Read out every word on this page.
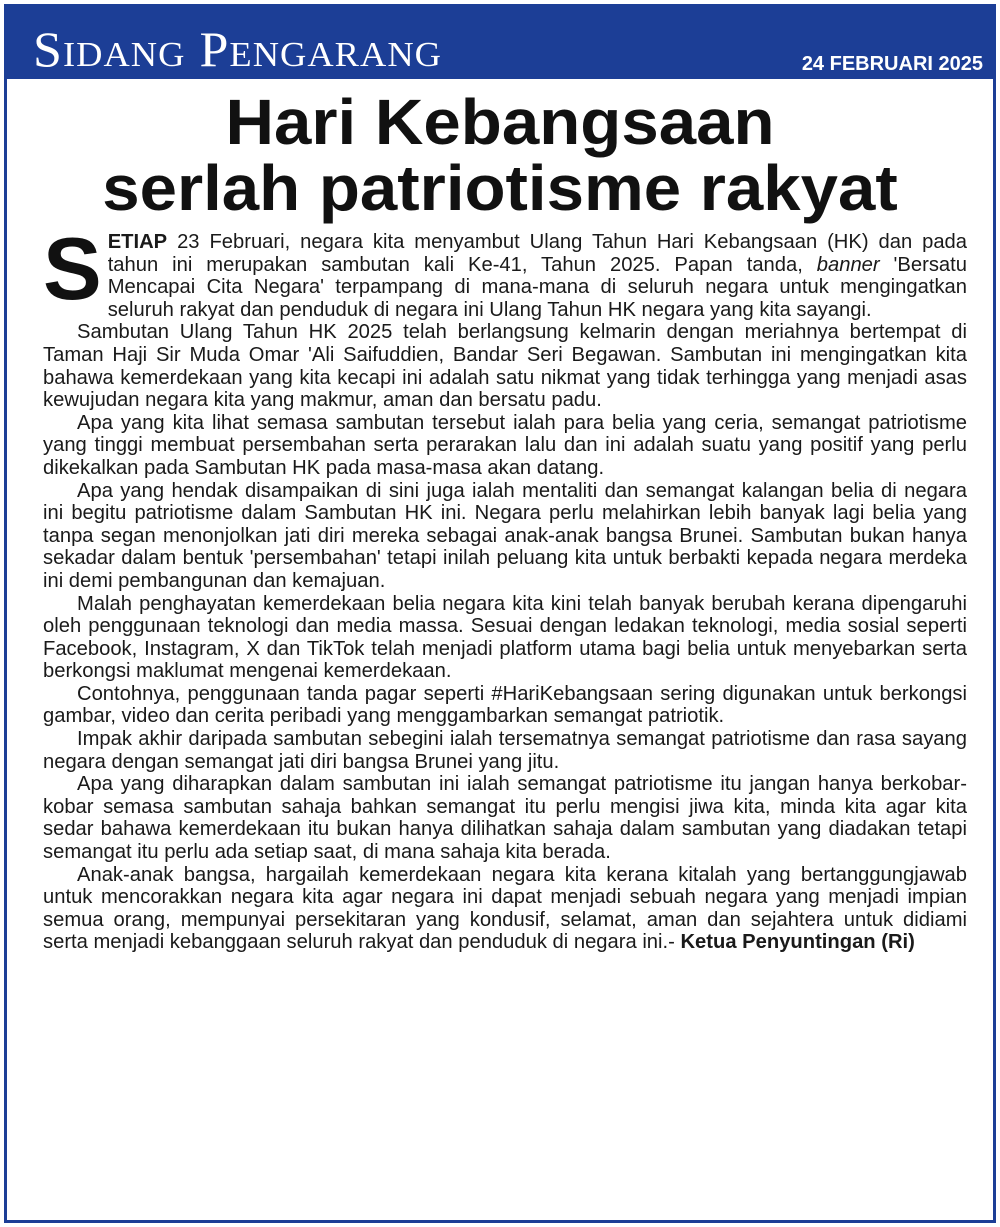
Sidang Pengarang	24 FEBRUARI 2025
Hari Kebangsaan
serlah patriotisme rakyat

SETIAP 23 Februari, negara kita menyambut Ulang Tahun Hari Kebangsaan (HK) dan pada tahun ini merupakan sambutan kali Ke-41, Tahun 2025. Papan tanda, banner 'Bersatu Mencapai Cita Negara' terpampang di mana-mana di seluruh negara untuk mengingatkan seluruh rakyat dan penduduk di negara ini Ulang Tahun HK negara yang kita sayangi.

Sambutan Ulang Tahun HK 2025 telah berlangsung kelmarin dengan meriahnya bertempat di Taman Haji Sir Muda Omar 'Ali Saifuddien, Bandar Seri Begawan. Sambutan ini mengingatkan kita bahawa kemerdekaan yang kita kecapi ini adalah satu nikmat yang tidak terhingga yang menjadi asas kewujudan negara kita yang makmur, aman dan bersatu padu.

Apa yang kita lihat semasa sambutan tersebut ialah para belia yang ceria, semangat patriotisme yang tinggi membuat persembahan serta perarakan lalu dan ini adalah suatu yang positif yang perlu dikekalkan pada Sambutan HK pada masa-masa akan datang.

Apa yang hendak disampaikan di sini juga ialah mentaliti dan semangat kalangan belia di negara ini begitu patriotisme dalam Sambutan HK ini. Negara perlu melahirkan lebih banyak lagi belia yang tanpa segan menonjolkan jati diri mereka sebagai anak-anak bangsa Brunei. Sambutan bukan hanya sekadar dalam bentuk 'persembahan' tetapi inilah peluang kita untuk berbakti kepada negara merdeka ini demi pembangunan dan kemajuan.

Malah penghayatan kemerdekaan belia negara kita kini telah banyak berubah kerana dipengaruhi oleh penggunaan teknologi dan media massa. Sesuai dengan ledakan teknologi, media sosial seperti Facebook, Instagram, X dan TikTok telah menjadi platform utama bagi belia untuk menyebarkan serta berkongsi maklumat mengenai kemerdekaan.

Contohnya, penggunaan tanda pagar seperti #HariKebangsaan sering digunakan untuk berkongsi gambar, video dan cerita peribadi yang menggambarkan semangat patriotik.

Impak akhir daripada sambutan sebegini ialah tersematnya semangat patriotisme dan rasa sayang negara dengan semangat jati diri bangsa Brunei yang jitu.

Apa yang diharapkan dalam sambutan ini ialah semangat patriotisme itu jangan hanya berkobar-kobar semasa sambutan sahaja bahkan semangat itu perlu mengisi jiwa kita, minda kita agar kita sedar bahawa kemerdekaan itu bukan hanya dilihatkan sahaja dalam sambutan yang diadakan tetapi semangat itu perlu ada setiap saat, di mana sahaja kita berada.

Anak-anak bangsa, hargailah kemerdekaan negara kita kerana kitalah yang bertanggungjawab untuk mencorakkan negara kita agar negara ini dapat menjadi sebuah negara yang menjadi impian semua orang, mempunyai persekitaran yang kondusif, selamat, aman dan sejahtera untuk didiami serta menjadi kebanggaan seluruh rakyat dan penduduk di negara ini.- Ketua Penyuntingan (Ri)
